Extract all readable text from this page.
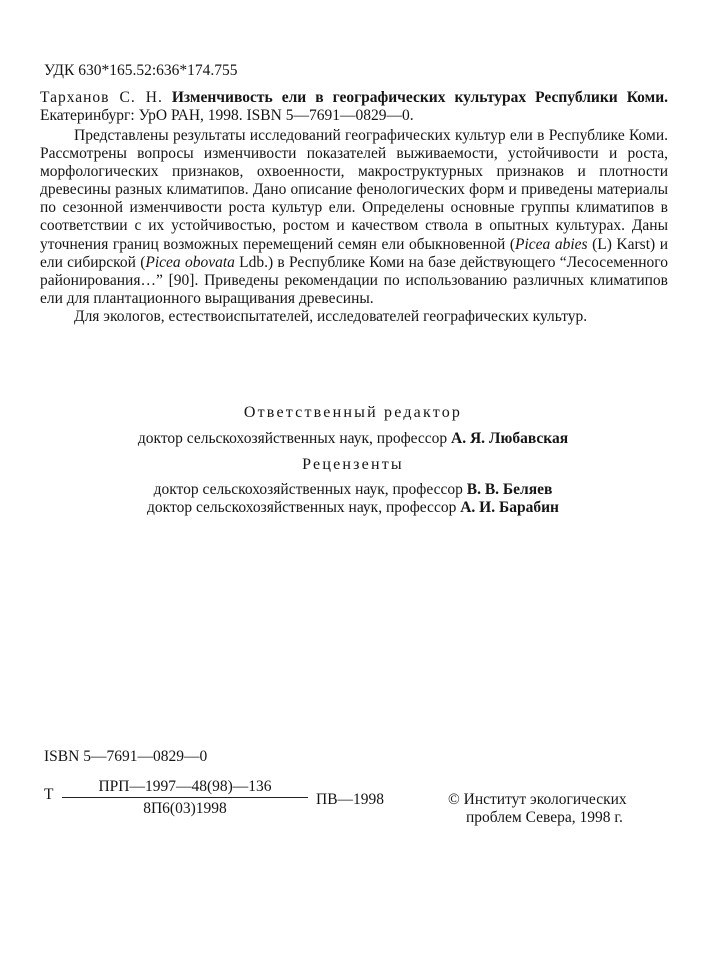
УДК 630*165.52:636*174.755
Тарханов С. Н. Изменчивость ели в географических культурах Республики Коми. Екатеринбург: УрО РАН, 1998. ISBN 5—7691—0829—0.

Представлены результаты исследований географических культур ели в Республике Коми. Рассмотрены вопросы изменчивости показателей выживаемости, устойчивости и роста, морфологических признаков, охвоенности, макроструктурных признаков и плотности древесины разных климатипов. Дано описание фенологических форм и приведены материалы по сезонной изменчивости роста культур ели. Определены основные группы климатипов в соответствии с их устойчивостью, ростом и качеством ствола в опытных культурах. Даны уточнения границ возможных перемещений семян ели обыкновенной (Picea abies (L) Karst) и ели сибирской (Picea obovata Ldb.) в Республике Коми на базе действующего “Лесосеменного районирования…” [90]. Приведены рекомендации по использованию различных климатипов ели для плантационного выращивания древесины.

Для экологов, естествоиспытателей, исследователей географических культур.

Ответственный редактор
доктор сельскохозяйственных наук, профессор А. Я. Любавская
Рецензенты
доктор сельскохозяйственных наук, профессор В. В. Беляев
доктор сельскохозяйственных наук, профессор А. И. Барабин
ISBN 5—7691—0829—0
Т	ПРП—1997—48(98)—136
8П6(03)1998
ПВ—1998	© Институт экологических
проблем Севера, 1998 г.
